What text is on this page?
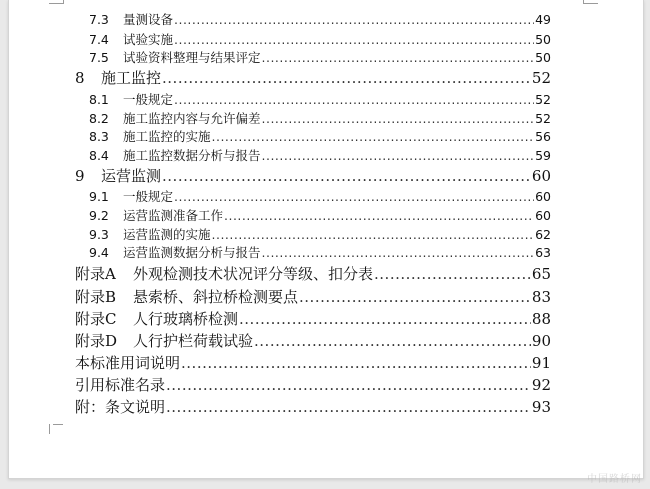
7.3	量测设备 .....	49
7.4	试验实施 .....	50
7.5	试验资料整理与结果评定 .....	50
8	施工监控 .....	52
8.1	一般规定 .....	52
8.2	施工监控内容与允许偏差 .....	52
8.3	施工监控的实施 .....	56
8.4	施工监控数据分析与报告 .....	59
9	运营监测 .....	60
9.1	一般规定 .....	60
9.2	运营监测准备工作 .....	60
9.3	运营监测的实施 .....	62
9.4	运营监测数据分析与报告 .....	63
附录A	外观检测技术状况评分等级、扣分表 .....	65
附录B	悬索桥、斜拉桥检测要点 .....	83
附录C	人行玻璃桥检测 .....	88
附录D	人行护栏荷载试验 .....	90
本标准用词说明 .....	91
引用标准名录 .....	92
附：条文说明 .....	93
中国路桥网
